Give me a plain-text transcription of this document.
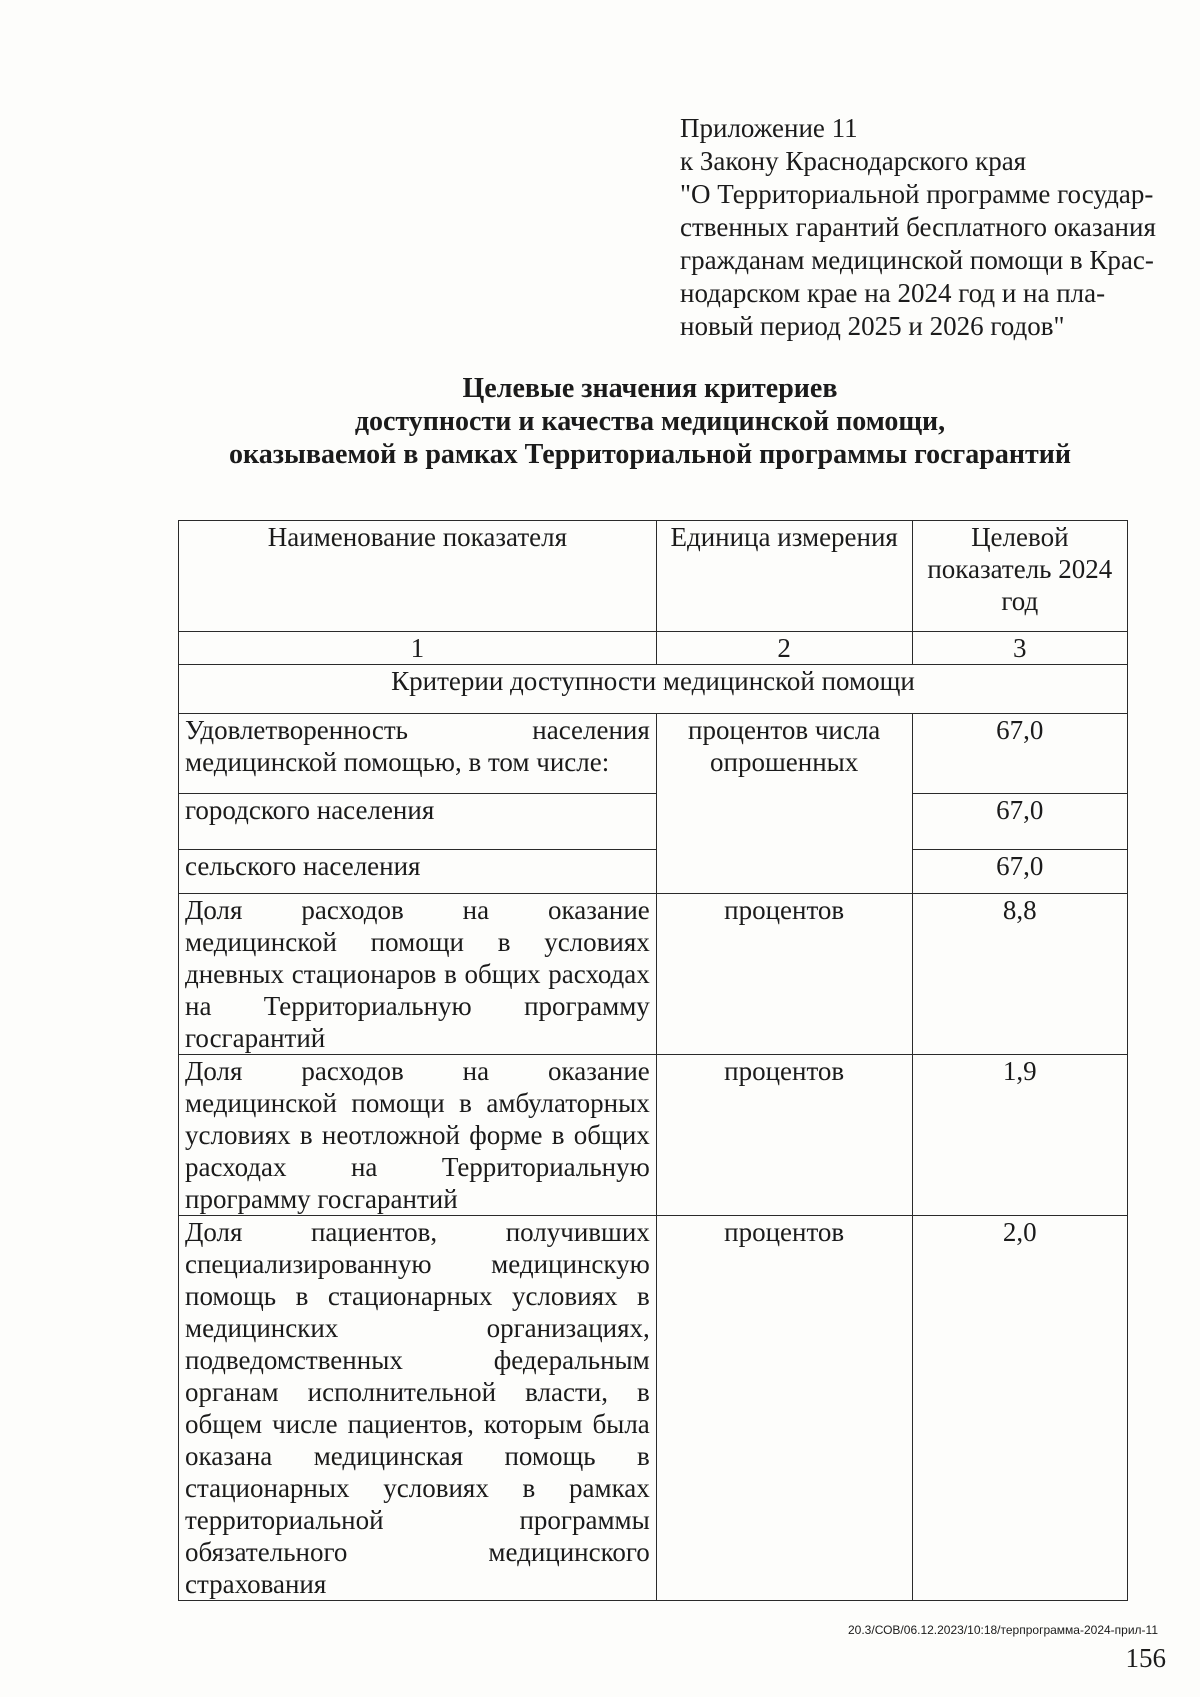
Приложение 11
к Закону Краснодарского края
"О Территориальной программе государ-
ственных гарантий бесплатного оказания
гражданам медицинской помощи в Крас-
нодарском крае на 2024 год и на пла-
новый период 2025 и 2026 годов"
Целевые значения критериев
доступности и качества медицинской помощи,
оказываемой в рамках Территориальной программы госгарантий
Наименование показателя	Единица измерения	Целевой показатель 2024 год
1	2	3
Критерии доступности медицинской помощи		
Удовлетворенность населения медицинской помощью, в том числе:	процентов числа опрошенных	67,0
городского населения		67,0
сельского населения		67,0
Доля расходов на оказание медицинской помощи в условиях дневных стационаров в общих расходах на Территориальную программу госгарантий	процентов	8,8
Доля расходов на оказание медицинской помощи в амбулаторных условиях в неотложной форме в общих расходах на Территориальную программу госгарантий	процентов	1,9
Доля пациентов, получивших специализированную медицинскую помощь в стационарных условиях в медицинских организациях, подведомственных федеральным органам исполнительной власти, в общем числе пациентов, которым была оказана медицинская помощь в стационарных условиях в рамках территориальной программы обязательного медицинского страхования	процентов	2,0
20.3/СОВ/06.12.2023/10:18/терпрограмма-2024-прил-11
156
